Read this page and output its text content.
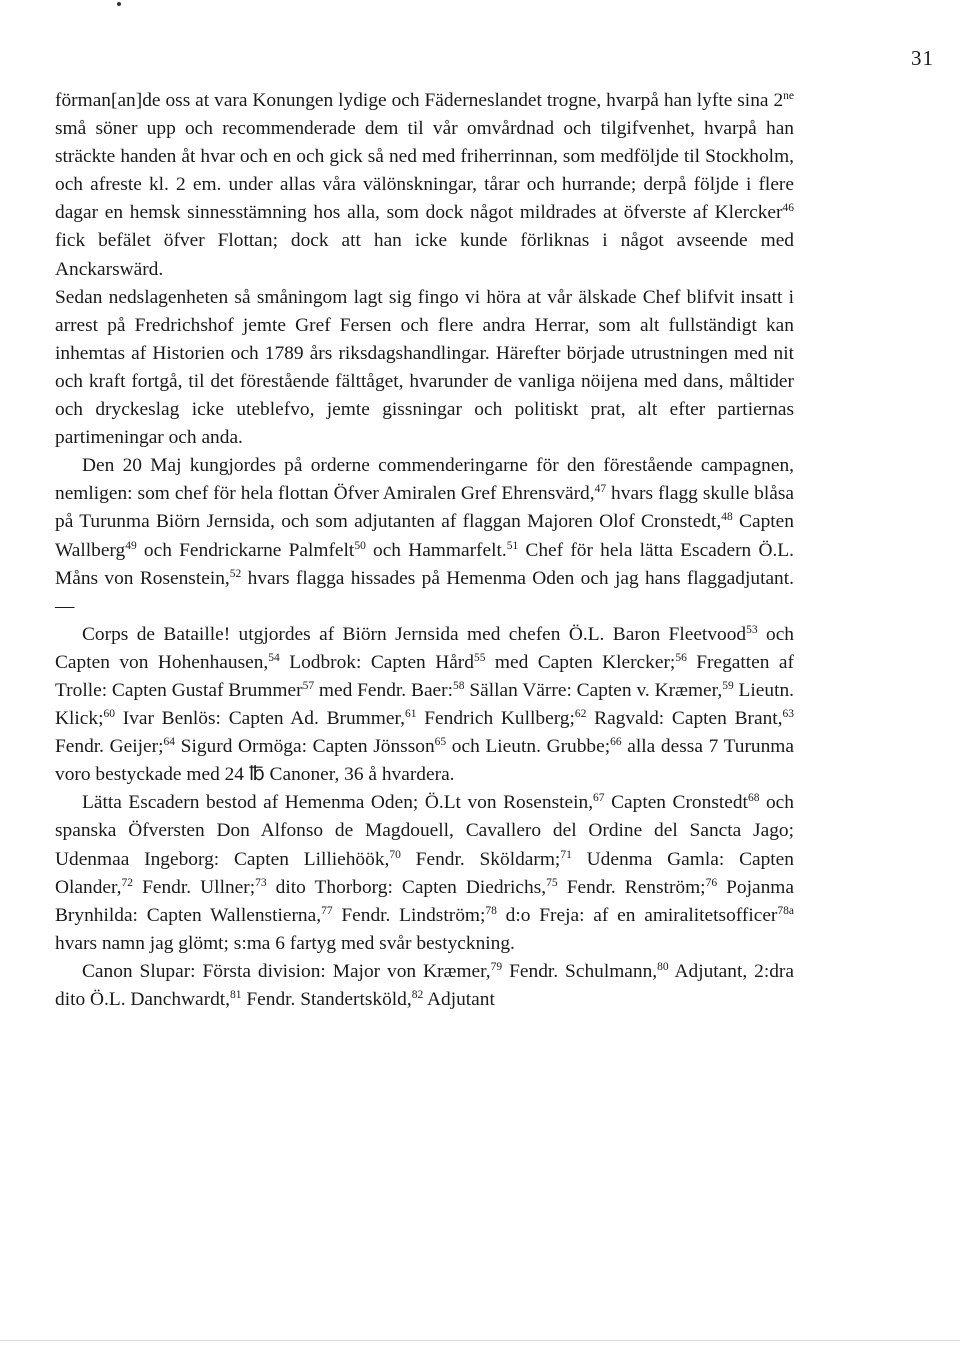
31

förman[an]de oss at vara Konungen lydige och Fäderneslandet trogne, hvarpå han lyfte sina $2^{ne}$ små söner upp och recommenderade dem til vår omvårdnad och tilgifvenhet, hvarpå han sträckte handen åt hvar och en och gick så ned med friherrinnan, som medföljde til Stockholm, och afreste kl. 2 em. under allas våra välönskningar, tårar och hurrande; derpå följde i flere dagar en hemsk sinnesstämning hos alla, som dock något mildrades at öfverste af Klercker$^{46}$ fick befälet öfver Flottan; dock att han icke kunde förliknas i något avseende med Anckarswärd.

Sedan nedslagenheten så småningom lagt sig fingo vi höra at vår älskade Chef blifvit insatt i arrest på Fredrichshof jemte Gref Fersen och flere andra Herrar, som alt fullständigt kan inhemtas af Historien och 1789 års riksdagshandlingar. Härefter började utrustningen med nit och kraft fortgå, til det förestående fälttåget, hvarunder de vanliga nöijena med dans, måltider och dryckeslag icke uteblefvo, jemte gissningar och politiskt prat, alt efter partiernas partimeningar och anda.

Den 20 Maj kungjordes på orderne commenderingarne för den förestående campagnen, nemligen: som chef för hela flottan Öfver Amiralen Gref Ehrensvärd,$^{47}$ hvars flagg skulle blåsa på Turunma Biörn Jernsida, och som adjutanten af flaggan Majoren Olof Cronstedt,$^{48}$ Capten Wallberg$^{49}$ och Fendrickarne Palmfelt$^{50}$ och Hammarfelt.$^{51}$ Chef för hela lätta Escadern Ö.L. Måns von Rosenstein,$^{52}$ hvars flagga hissades på Hemenma Oden och jag hans flaggadjutant. —

Corps de Bataille! utgjordes af Biörn Jernsida med chefen Ö.L. Baron Fleetvood$^{53}$ och Capten von Hohenhausen,$^{54}$ Lodbrok: Capten Hård$^{55}$ med Capten Klercker;$^{56}$ Fregatten af Trolle: Capten Gustaf Brummer$^{57}$ med Fendr. Baer:$^{58}$ Sällan Värre: Capten v. Kræmer,$^{59}$ Lieutn. Klick;$^{60}$ Ivar Benlös: Capten Ad. Brummer,$^{61}$ Fendrich Kullberg;$^{62}$ Ragvald: Capten Brant,$^{63}$ Fendr. Geijer;$^{64}$ Sigurd Ormöga: Capten Jönsson$^{65}$ och Lieutn. Grubbe;$^{66}$ alla dessa 7 Turunma voro bestyckade med 24 ℔ Canoner, 36 å hvardera.

Lätta Escadern bestod af Hemenma Oden; Ö.Lt von Rosenstein,$^{67}$ Capten Cronstedt$^{68}$ och spanska Öfversten Don Alfonso de Magdouell, Cavallero del Ordine del Sancta Jago; Udenmaa Ingeborg: Capten Lilliehöök,$^{70}$ Fendr. Sköldarm;$^{71}$ Udenma Gamla: Capten Olander,$^{72}$ Fendr. Ullner;$^{73}$ dito Thorborg: Capten Diedrichs,$^{75}$ Fendr. Renström;$^{76}$ Pojanma Brynhilda: Capten Wallenstierna,$^{77}$ Fendr. Lindström;$^{78}$ d:o Freja: af en amiralitetsofficer$^{78a}$ hvars namn jag glömt; s:ma 6 fartyg med svår bestyckning.

Canon Slupar: Första division: Major von Kræmer,$^{79}$ Fendr. Schulmann,$^{80}$ Adjutant, 2:dra dito Ö.L. Danchwardt,$^{81}$ Fendr. Standertsköld,$^{82}$ Adjutant
